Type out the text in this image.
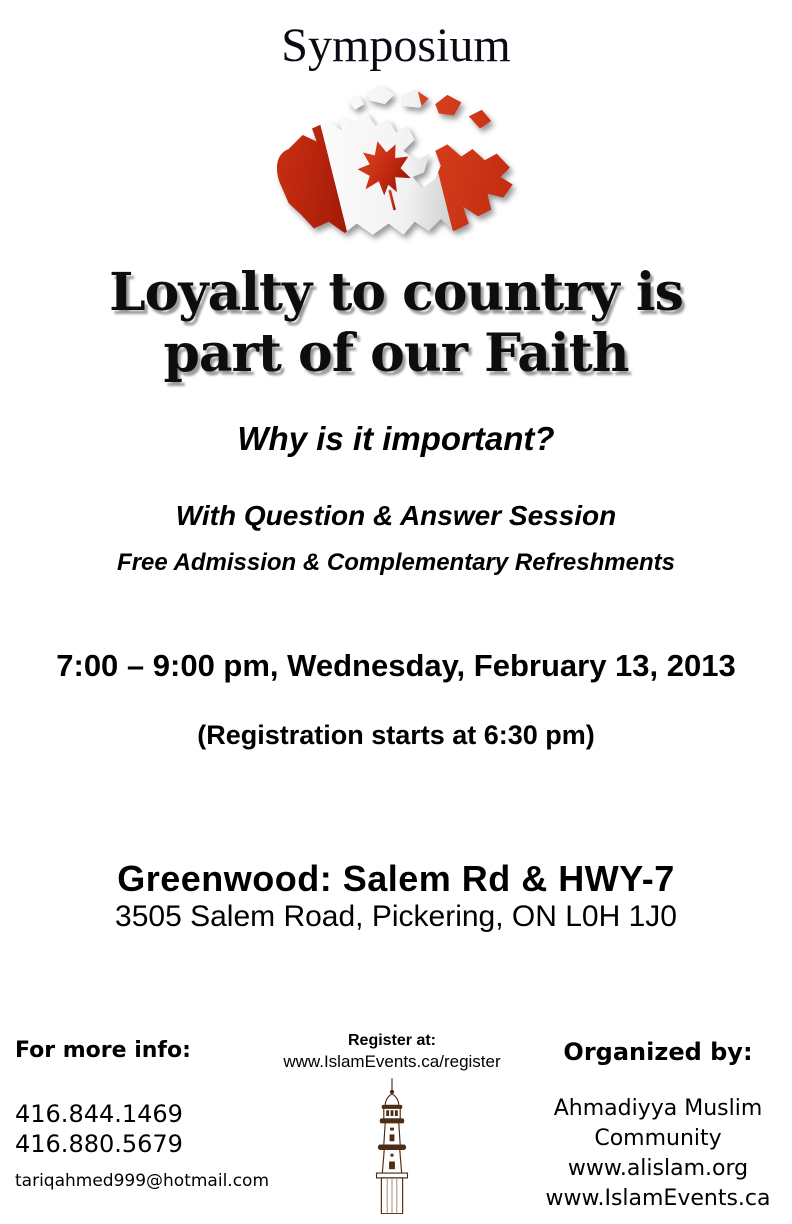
Symposium
Loyalty to country is
part of our Faith
Why is it important?
With Question & Answer Session
Free Admission & Complementary Refreshments
7:00 – 9:00 pm, Wednesday, February 13, 2013
(Registration starts at 6:30 pm)
Greenwood: Salem Rd & HWY-7
3505 Salem Road, Pickering, ON L0H 1J0
For more info:
416.844.1469
416.880.5679
tariqahmed999@hotmail.com
Register at:
www.IslamEvents.ca/register	Organized by:
Ahmadiyya Muslim
Community
www.alislam.org
www.IslamEvents.ca
